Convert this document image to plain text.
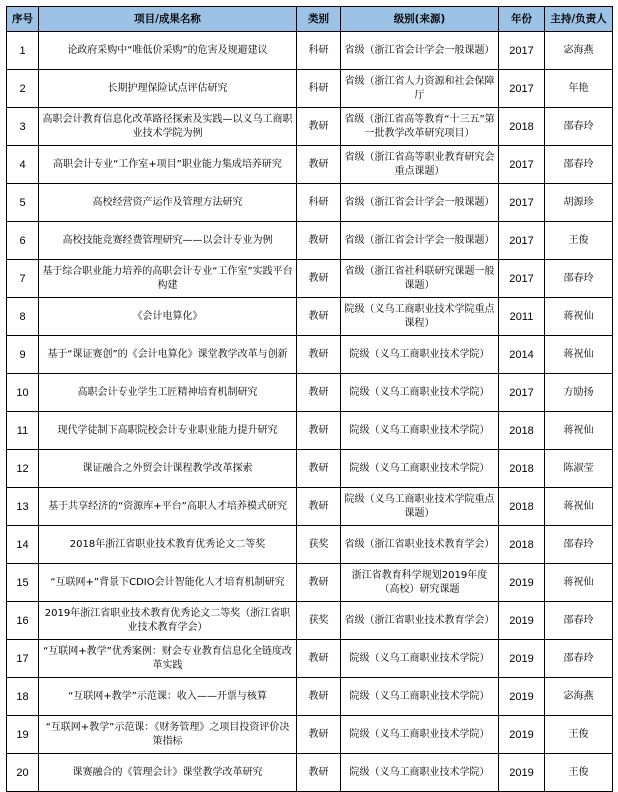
序号	项目/成果名称	类别	级别(来源)	年份	主持/负责人
1	论政府采购中“唯低价采购”的危害及规避建议	科研	省级（浙江省会计学会一般课题）	2017	宓海燕
2	长期护理保险试点评估研究	科研	省级（浙江省人力资源和社会保障厅	2017	年艳
3	高职会计教育信息化改革路径探索及实践—以义乌工商职业技术学院为例	教研	省级（浙江省高等教育“十三五”第一批教学改革研究项目）	2018	邵春玲
4	高职会计专业“工作室+项目”职业能力集成培养研究	教研	省级（浙江省高等职业教育研究会重点课题）	2017	邵春玲
5	高校经营资产运作及管理方法研究	科研	省级（浙江省会计学会一般课题）	2017	胡源珍
6	高校技能竞赛经费管理研究——以会计专业为例	教研	省级（浙江省会计学会一般课题）	2017	王俊
7	基于综合职业能力培养的高职会计专业“工作室”实践平台构建	教研	省级（浙江省社科联研究课题一般课题）	2017	邵春玲
8	《会计电算化》	教研	院级（义乌工商职业技术学院重点课程）	2011	蒋祝仙
9	基于“课证赛创”的《会计电算化》课堂教学改革与创新	教研	院级（义乌工商职业技术学院）	2014	蒋祝仙
10	高职会计专业学生工匠精神培育机制研究	教研	院级（义乌工商职业技术学院）	2017	方励扬
11	现代学徒制下高职院校会计专业职业能力提升研究	教研	院级（义乌工商职业技术学院）	2018	蒋祝仙
12	课证融合之外贸会计课程教学改革探索	教研	院级（义乌工商职业技术学院）	2018	陈淑莹
13	基于共享经济的“资源库+平台”高职人才培养模式研究	教研	院级（义乌工商职业技术学院重点课题）	2018	蒋祝仙
14	2018年浙江省职业技术教育优秀论文二等奖	获奖	省级（浙江省职业技术教育学会）	2018	邵春玲
15	“互联网+”背景下CDIO会计智能化人才培育机制研究	教研	浙江省教育科学规划2019年度（高校）研究课题	2019	蒋祝仙
16	2019年浙江省职业技术教育优秀论文二等奖（浙江省职业技术教育学会）	获奖	省级（浙江省职业技术教育学会）	2019	邵春玲
17	“互联网+教学”优秀案例：财会专业教育信息化全链度改革实践	教研	院级（义乌工商职业技术学院）	2019	邵春玲
18	“互联网+教学”示范课：收入——开票与核算	教研	院级（义乌工商职业技术学院）	2019	宓海燕
19	“互联网+教学”示范课：《财务管理》之项目投资评价决策指标	教研	院级（义乌工商职业技术学院）	2019	王俊
20	课赛融合的《管理会计》课堂教学改革研究	教研	院级（义乌工商职业技术学院）	2019	王俊
